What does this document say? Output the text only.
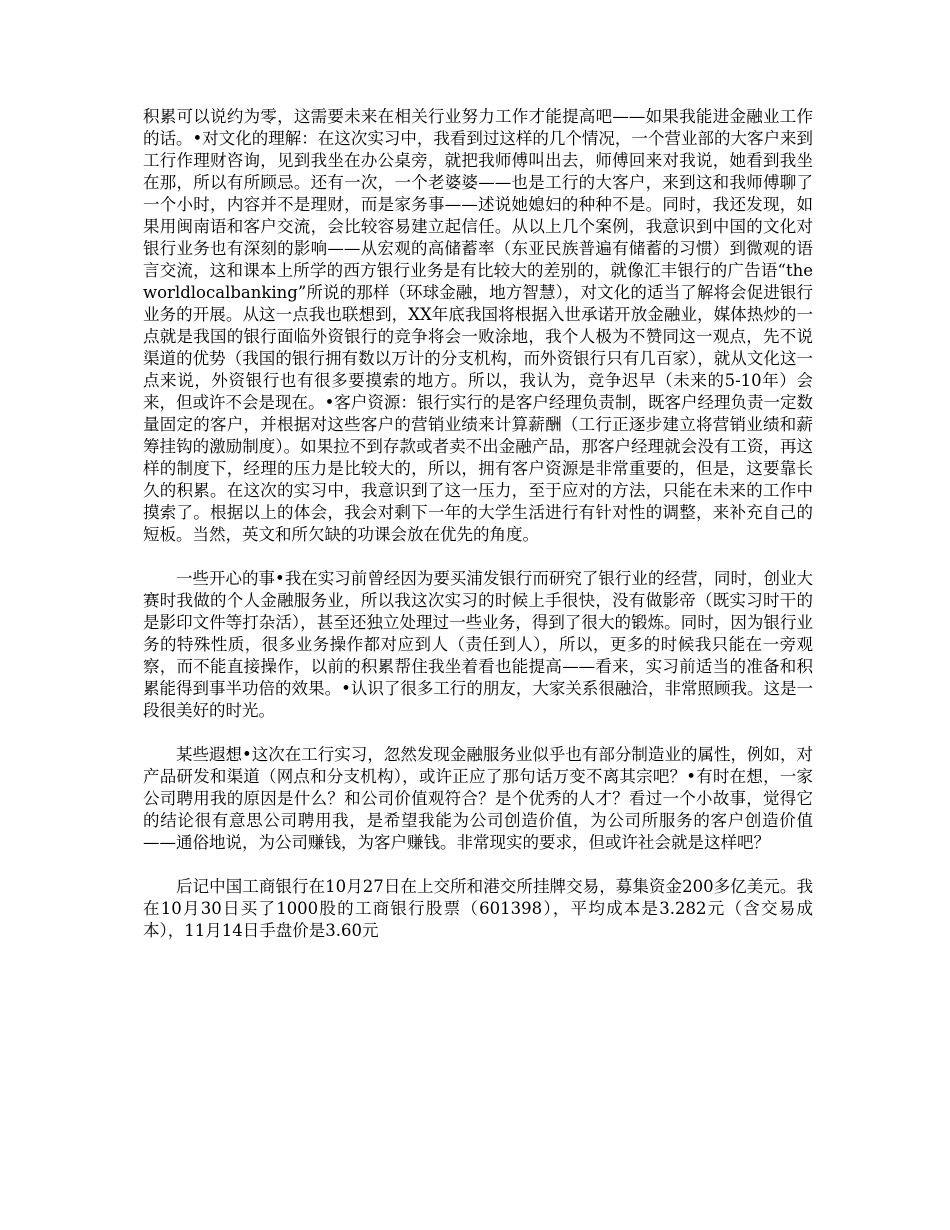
积累可以说约为零，这需要未来在相关行业努力工作才能提高吧——如果我能进金融业工作的话。•对文化的理解：在这次实习中，我看到过这样的几个情况，一个营业部的大客户来到工行作理财咨询，见到我坐在办公桌旁，就把我师傅叫出去，师傅回来对我说，她看到我坐在那，所以有所顾忌。还有一次，一个老婆婆——也是工行的大客户，来到这和我师傅聊了一个小时，内容并不是理财，而是家务事——述说她媳妇的种种不是。同时，我还发现，如果用闽南语和客户交流，会比较容易建立起信任。从以上几个案例，我意识到中国的文化对银行业务也有深刻的影响——从宏观的高储蓄率（东亚民族普遍有储蓄的习惯）到微观的语言交流，这和课本上所学的西方银行业务是有比较大的差别的，就像汇丰银行的广告语“theworldlocalbanking”所说的那样（环球金融，地方智慧），对文化的适当了解将会促进银行业务的开展。从这一点我也联想到，XX年底我国将根据入世承诺开放金融业，媒体热炒的一点就是我国的银行面临外资银行的竞争将会一败涂地，我个人极为不赞同这一观点，先不说渠道的优势（我国的银行拥有数以万计的分支机构，而外资银行只有几百家），就从文化这一点来说，外资银行也有很多要摸索的地方。所以，我认为，竞争迟早（未来的5-10年）会来，但或许不会是现在。•客户资源：银行实行的是客户经理负责制，既客户经理负责一定数量固定的客户，并根据对这些客户的营销业绩来计算薪酬（工行正逐步建立将营销业绩和薪筹挂钩的激励制度）。如果拉不到存款或者卖不出金融产品，那客户经理就会没有工资，再这样的制度下，经理的压力是比较大的，所以，拥有客户资源是非常重要的，但是，这要靠长久的积累。在这次的实习中，我意识到了这一压力，至于应对的方法，只能在未来的工作中摸索了。根据以上的体会，我会对剩下一年的大学生活进行有针对性的调整，来补充自己的短板。当然，英文和所欠缺的功课会放在优先的角度。

一些开心的事•我在实习前曾经因为要买浦发银行而研究了银行业的经营，同时，创业大赛时我做的个人金融服务业，所以我这次实习的时候上手很快，没有做影帝（既实习时干的是影印文件等打杂活），甚至还独立处理过一些业务，得到了很大的锻炼。同时，因为银行业务的特殊性质，很多业务操作都对应到人（责任到人），所以，更多的时候我只能在一旁观察，而不能直接操作，以前的积累帮住我坐着看也能提高——看来，实习前适当的准备和积累能得到事半功倍的效果。•认识了很多工行的朋友，大家关系很融洽，非常照顾我。这是一段很美好的时光。

某些遐想•这次在工行实习，忽然发现金融服务业似乎也有部分制造业的属性，例如，对产品研发和渠道（网点和分支机构），或许正应了那句话万变不离其宗吧？•有时在想，一家公司聘用我的原因是什么？和公司价值观符合？是个优秀的人才？看过一个小故事，觉得它的结论很有意思公司聘用我，是希望我能为公司创造价值，为公司所服务的客户创造价值——通俗地说，为公司赚钱，为客户赚钱。非常现实的要求，但或许社会就是这样吧？

后记中国工商银行在10月27日在上交所和港交所挂牌交易，募集资金200多亿美元。我在10月30日买了1000股的工商银行股票（601398），平均成本是3.282元（含交易成本），11月14日手盘价是3.60元
